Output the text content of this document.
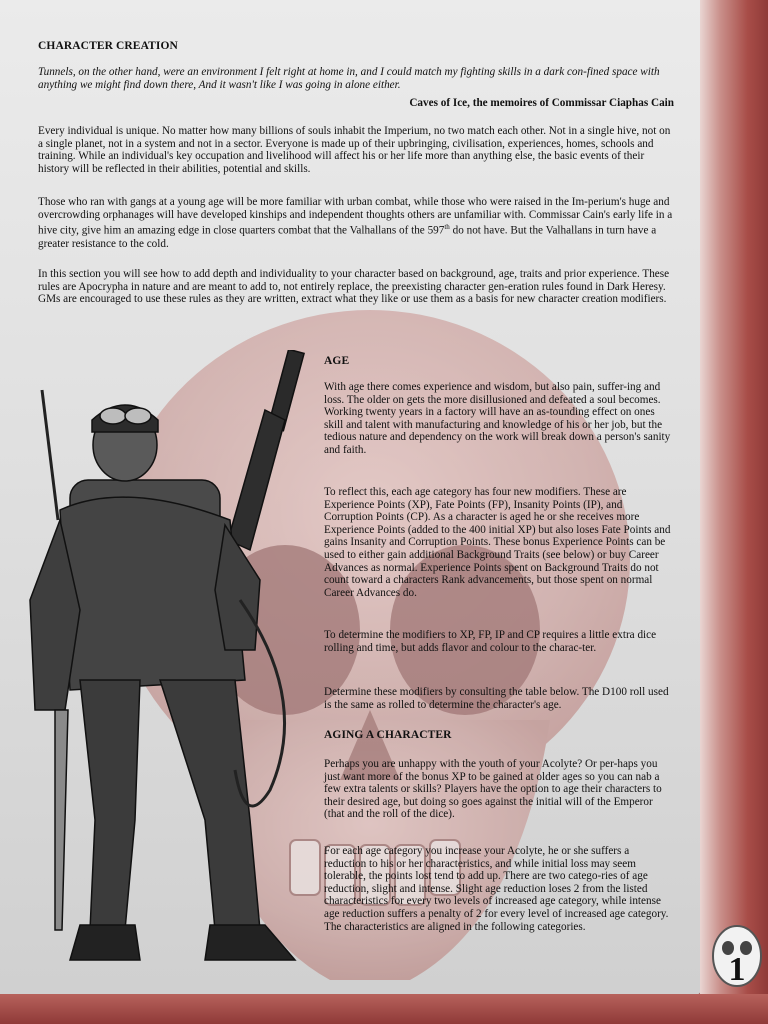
CHARACTER CREATION
Tunnels, on the other hand, were an environment I felt right at home in, and I could match my fighting skills in a dark con-fined space with anything we might find down there, And it wasn't like I was going in alone either.
Caves of Ice, the memoires of Commissar Ciaphas Cain

Every individual is unique. No matter how many billions of souls inhabit the Imperium, no two match each other. Not in a single hive, not on a single planet, not in a system and not in a sector. Everyone is made up of their upbringing, civilisation, experiences, homes, schools and training. While an individual's key occupation and livelihood will affect his or her life more than anything else, the basic events of their history will be reflected in their abilities, potential and skills.

Those who ran with gangs at a young age will be more familiar with urban combat, while those who were raised in the Im-perium's huge and overcrowding orphanages will have developed kinships and independent thoughts others are unfamiliar with. Commissar Cain's early life in a hive city, give him an amazing edge in close quarters combat that the Valhallans of the 597th do not have. But the Valhallans in turn have a greater resistance to the cold.

In this section you will see how to add depth and individuality to your character based on background, age, traits and prior experience. These rules are Apocrypha in nature and are meant to add to, not entirely replace, the preexisting character gen-eration rules found in Dark Heresy. GMs are encouraged to use these rules as they are written, extract what they like or use them as a basis for new character creation modifiers.

AGE

With age there comes experience and wisdom, but also pain, suffer-ing and loss. The older on gets the more disillusioned and defeated a soul becomes. Working twenty years in a factory will have an as-tounding effect on ones skill and talent with manufacturing and knowledge of his or her job, but the tedious nature and dependency on the work will break down a person's sanity and faith.

To reflect this, each age category has four new modifiers. These are Experience Points (XP), Fate Points (FP), Insanity Points (IP), and Corruption Points (CP). As a character is aged he or she receives more Experience Points (added to the 400 initial XP) but also loses Fate Points and gains Insanity and Corruption Points. These bonus Experience Points can be used to either gain additional Background Traits (see below) or buy Career Advances as normal. Experience Points spent on Background Traits do not count toward a characters Rank advancements, but those spent on normal Career Advances do.

To determine the modifiers to XP, FP, IP and CP requires a little extra dice rolling and time, but adds flavor and colour to the charac-ter.

Determine these modifiers by consulting the table below. The D100 roll used is the same as rolled to determine the character's age.

AGING A CHARACTER

Perhaps you are unhappy with the youth of your Acolyte? Or per-haps you just want more of the bonus XP to be gained at older ages so you can nab a few extra talents or skills? Players have the option to age their characters to their desired age, but doing so goes against the initial will of the Emperor (that and the roll of the dice).

For each age category you increase your Acolyte, he or she suffers a reduction to his or her characteristics, and while initial loss may seem tolerable, the points lost tend to add up. There are two catego-ries of age reduction, slight and intense. Slight age reduction loses 2 from the listed characteristics for every two levels of increased age category, while intense age reduction suffers a penalty of 2 for every level of increased age category. The characteristics are aligned in the following categories.

1
